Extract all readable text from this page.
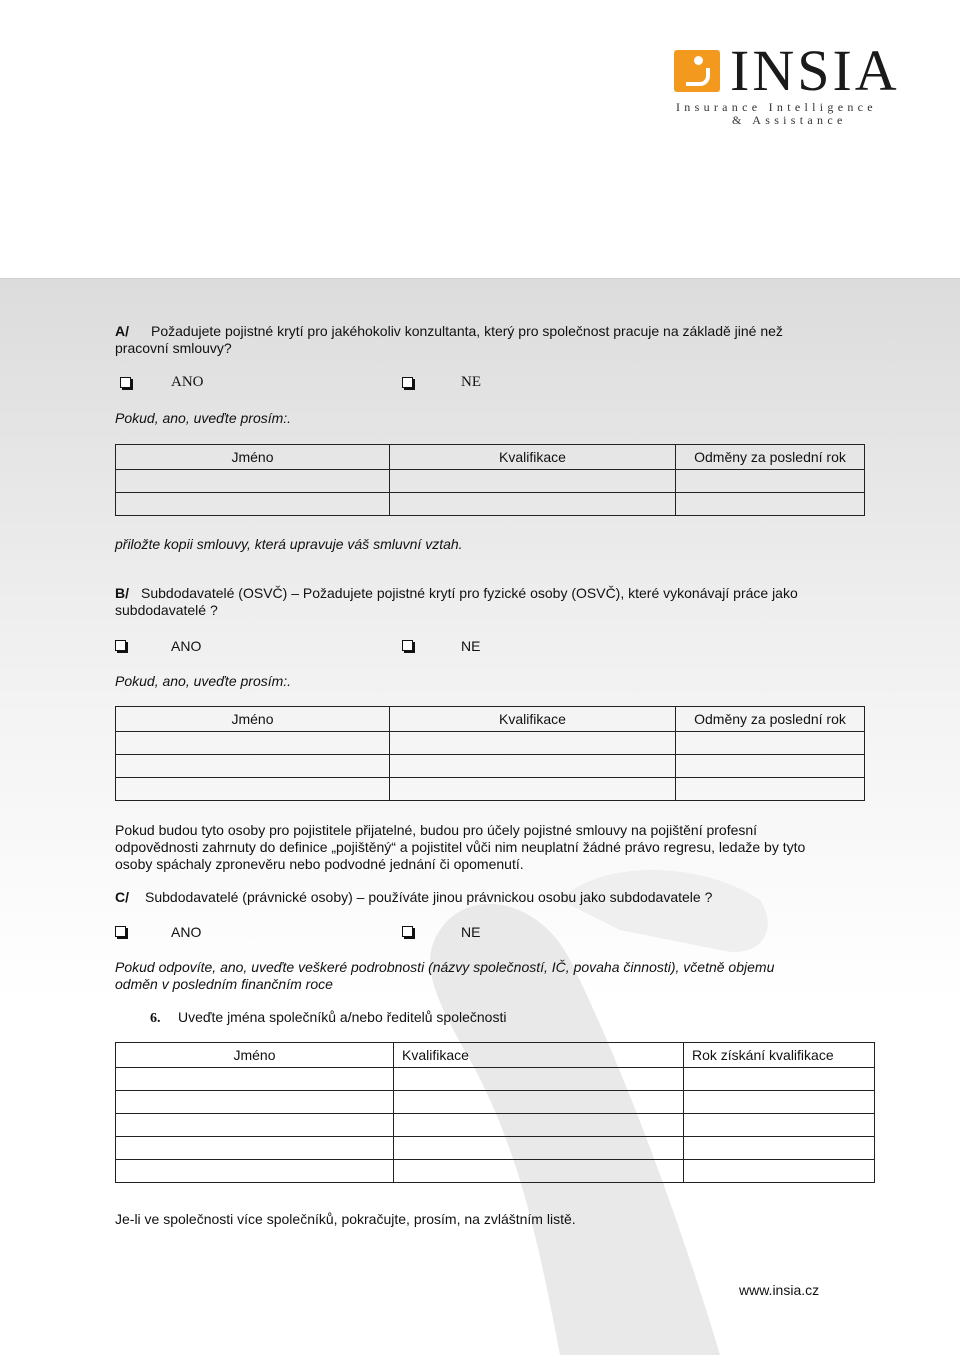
INSIA
Insurance Intelligence
& Assistance
A/ Požadujete pojistné krytí pro jakéhokoliv konzultanta, který pro společnost pracuje na základě jiné než pracovní smlouvy?
ANO	NE
Pokud, ano, uveďte prosím:.
Jméno	Kvalifikace	Odměny za poslední rok

přiložte kopii smlouvy, která upravuje váš smluvní vztah.
B/ Subdodavatelé (OSVČ) – Požadujete pojistné krytí pro fyzické osoby (OSVČ), které vykonávají práce jako subdodavatelé ?
ANO	NE
Pokud, ano, uveďte prosím:.
Jméno	Kvalifikace	Odměny za poslední rok

Pokud budou tyto osoby pro pojistitele přijatelné, budou pro účely pojistné smlouvy na pojištění profesní odpovědnosti zahrnuty do definice „pojištěný“ a pojistitel vůči nim neuplatní žádné právo regresu, ledaže by tyto osoby spáchaly zpronevěru nebo podvodné jednání či opomenutí.
C/ Subdodavatelé (právnické osoby) – používáte jinou právnickou osobu jako subdodavatele ?
ANO	NE
Pokud odpovíte, ano, uveďte veškeré podrobnosti (názvy společností, IČ, povaha činnosti), včetně objemu odměn v posledním finančním roce
6. Uveďte jména společníků a/nebo ředitelů společnosti
Jméno	Kvalifikace	Rok získání kvalifikace

Je-li ve společnosti více společníků, pokračujte, prosím, na zvláštním listě.
www.insia.cz
